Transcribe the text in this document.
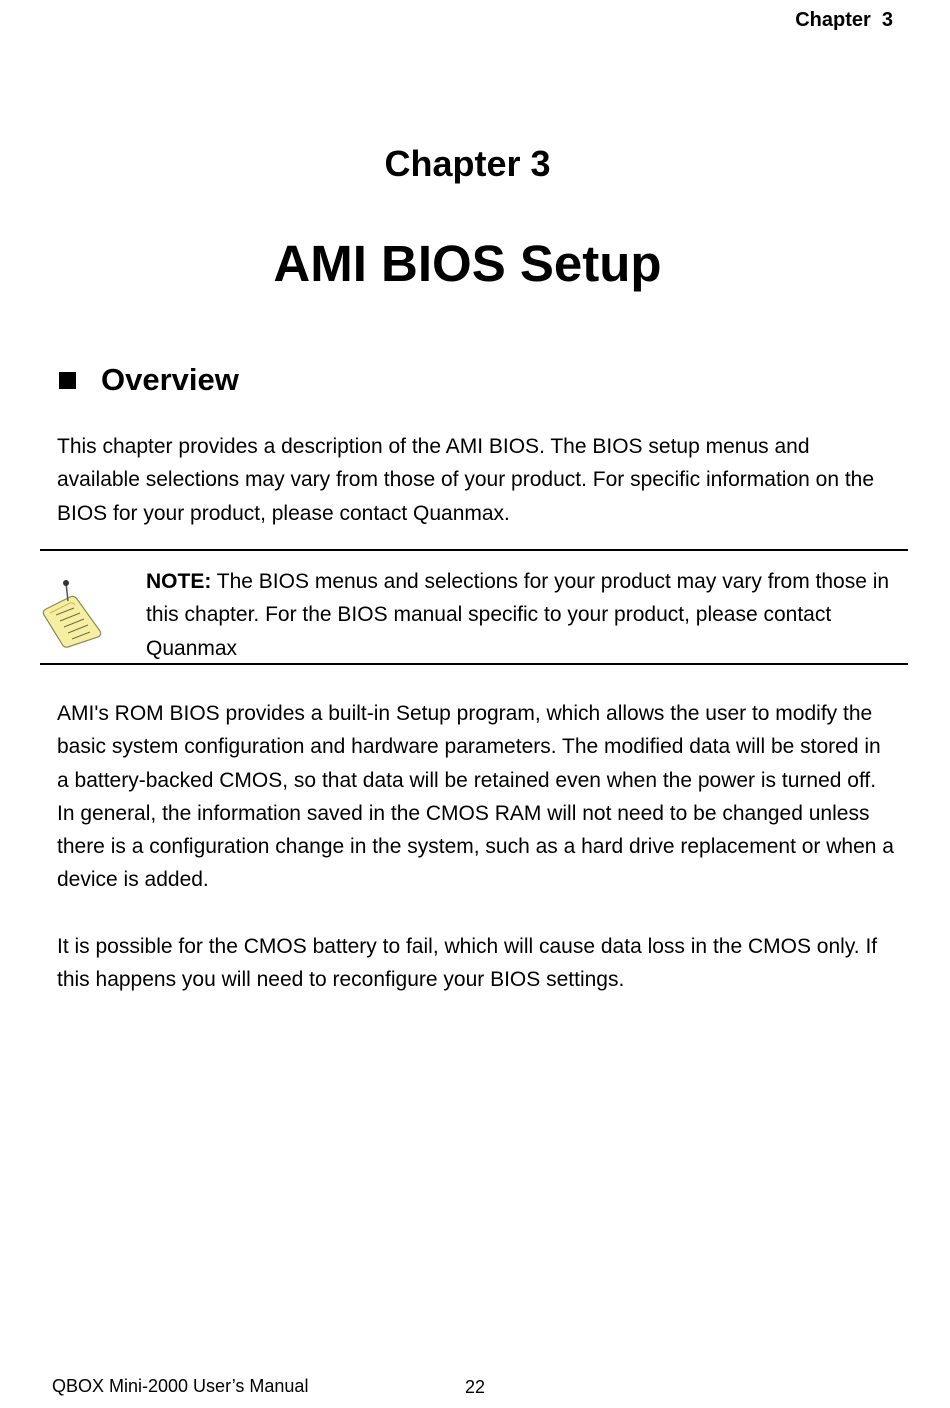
Chapter  3
Chapter 3
AMI BIOS Setup
Overview

This chapter provides a description of the AMI BIOS. The BIOS setup menus and available selections may vary from those of your product. For specific information on the BIOS for your product, please contact Quanmax.

NOTE: The BIOS menus and selections for your product may vary from those in this chapter. For the BIOS manual specific to your product, please contact Quanmax

AMI's ROM BIOS provides a built-in Setup program, which allows the user to modify the basic system configuration and hardware parameters. The modified data will be stored in a battery-backed CMOS, so that data will be retained even when the power is turned off. In general, the information saved in the CMOS RAM will not need to be changed unless there is a configuration change in the system, such as a hard drive replacement or when a device is added.

It is possible for the CMOS battery to fail, which will cause data loss in the CMOS only. If this happens you will need to reconfigure your BIOS settings.

QBOX Mini-2000 User’s Manual	22
